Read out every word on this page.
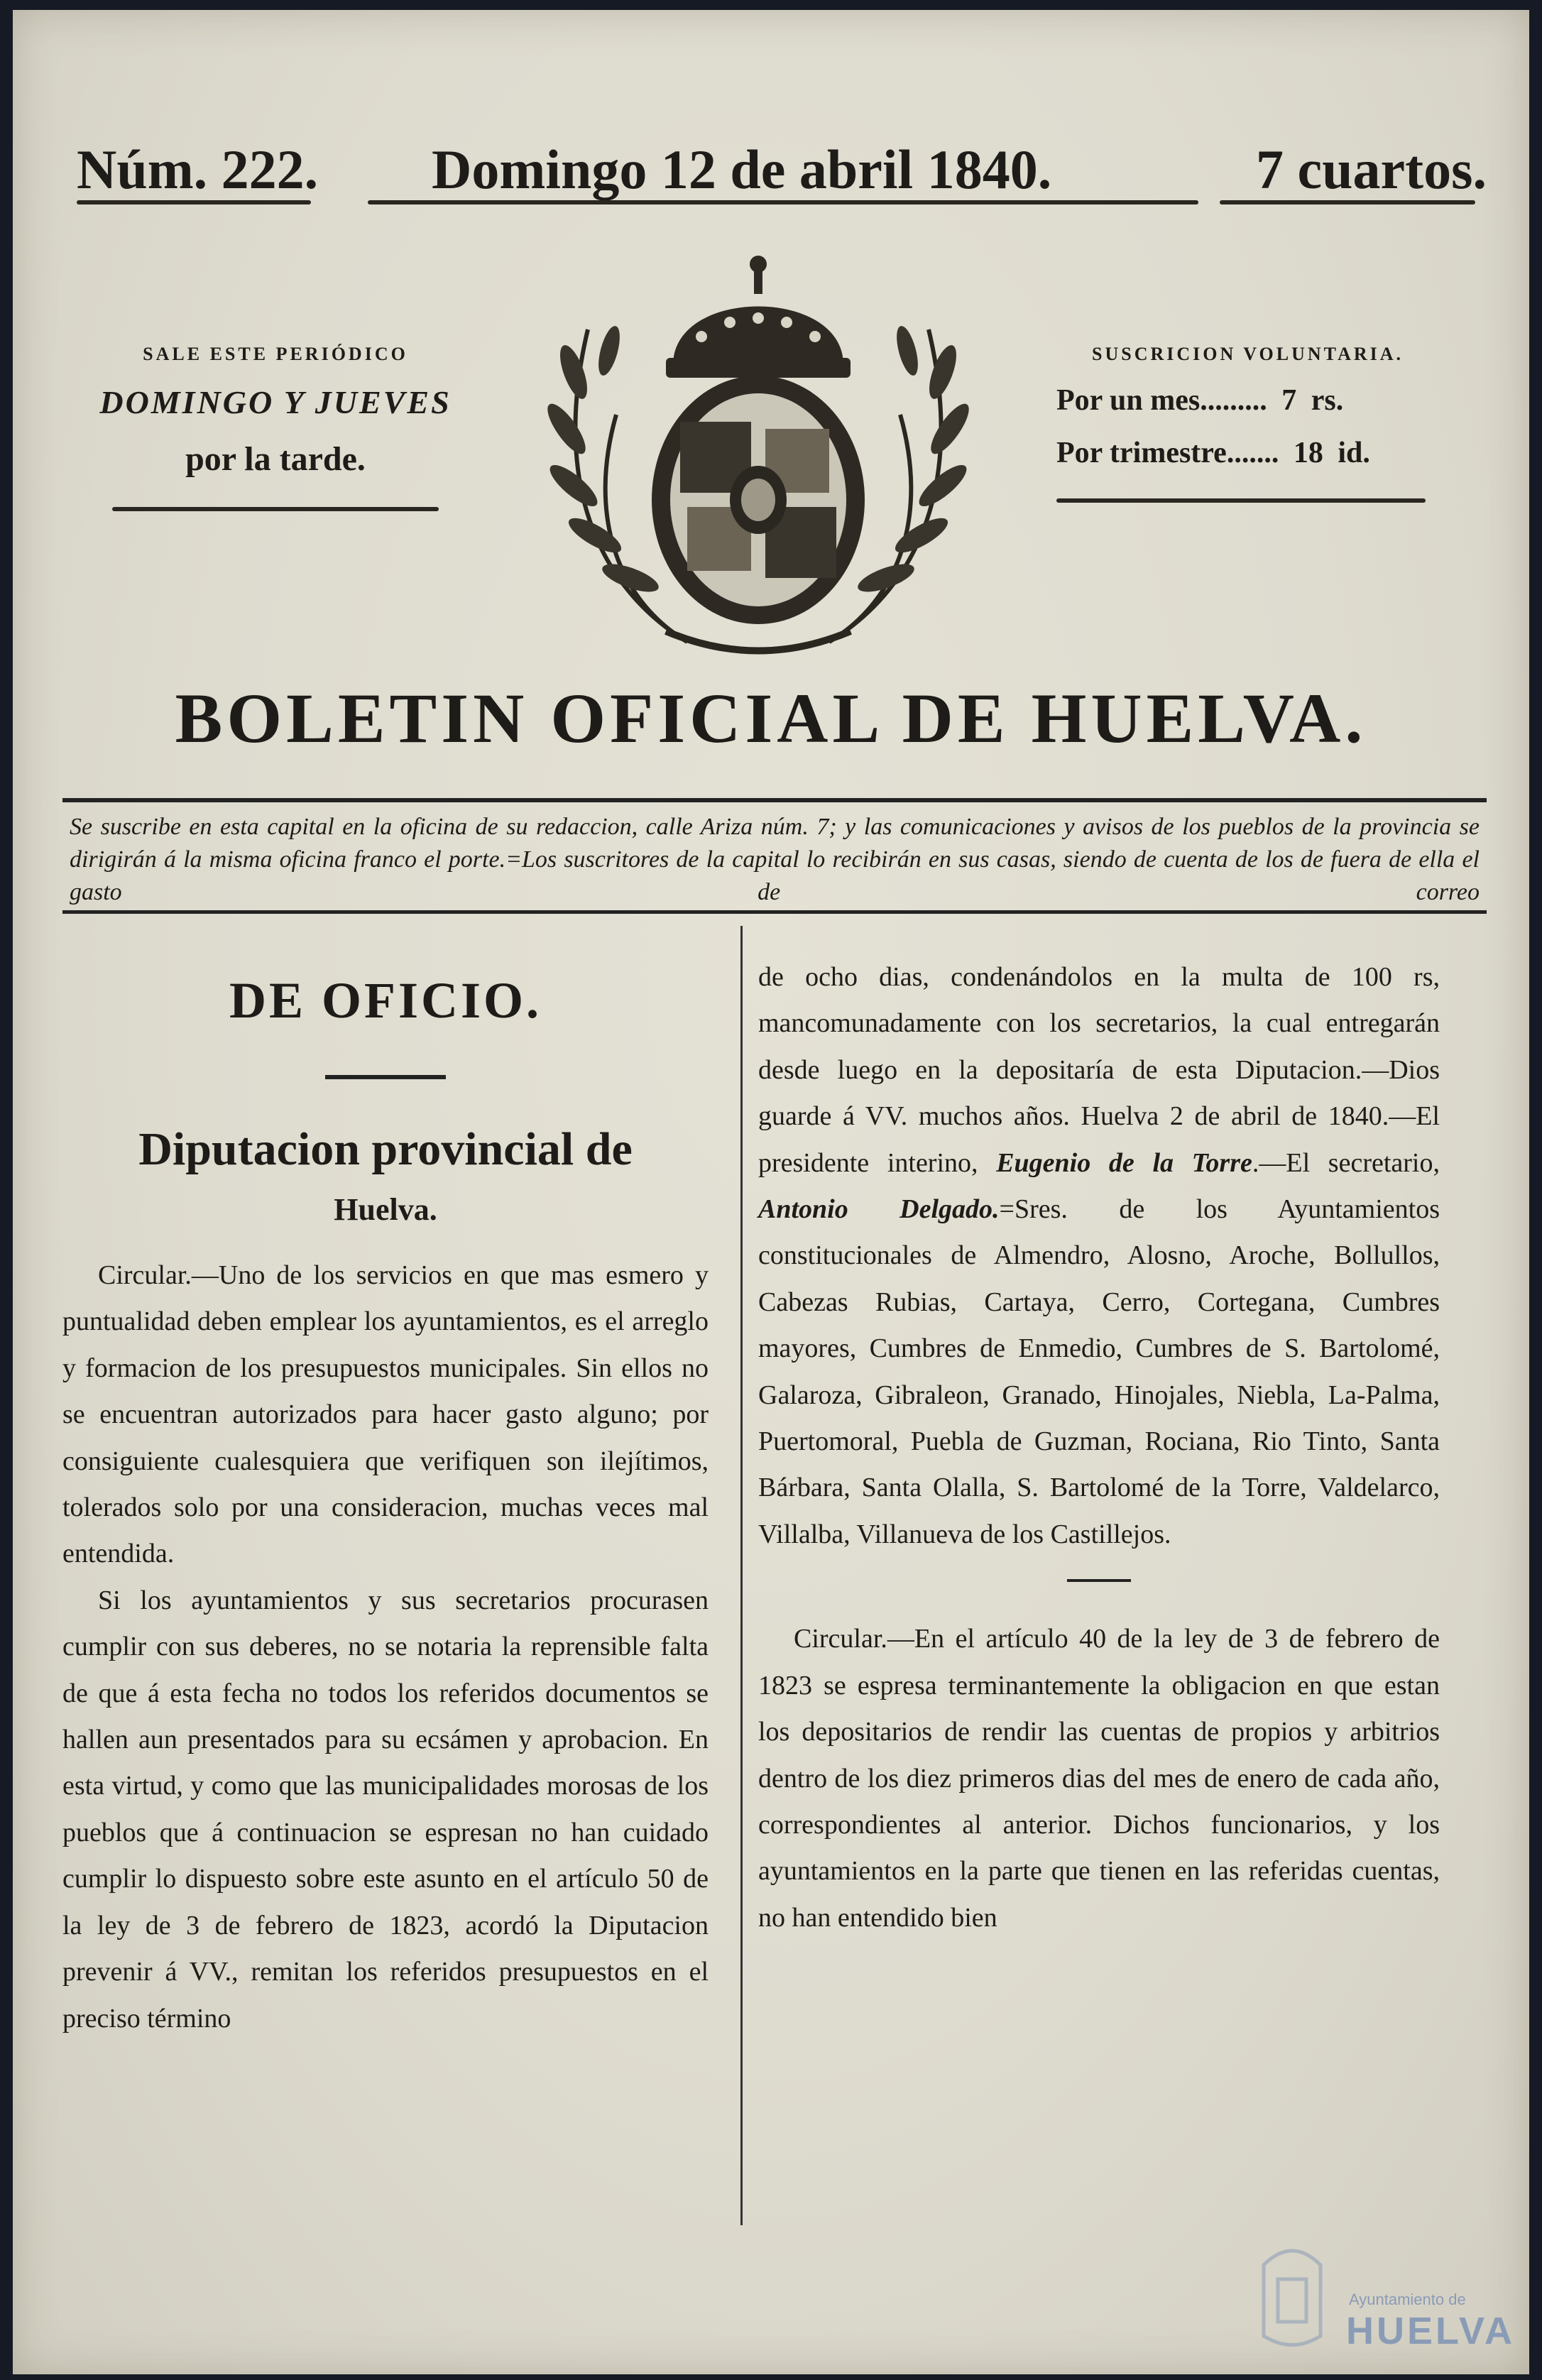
Núm. 222. Domingo 12 de abril 1840.	7 cuartos.
SALE ESTE PERIÓDICO
DOMINGO Y JUEVES
por la tarde.
SUSCRICION VOLUNTARIA.
Por un mes......... 7 rs.
Por trimestre....... 18 id.
BOLETIN OFICIAL DE HUELVA.
Se suscribe en esta capital en la oficina de su redaccion, calle Ariza núm. 7; y las comunicaciones y avisos de los pueblos de la provincia se dirigirán á la misma oficina franco el porte.=Los suscritores de la capital lo recibirán en sus casas, siendo de cuenta de los de fuera de ella el gasto de correo
DE OFICIO.
Diputacion provincial de
Huelva.

Circular.—Uno de los servicios en que mas esmero y puntualidad deben emplear los ayuntamientos, es el arreglo y formacion de los presupuestos municipales. Sin ellos no se encuentran autorizados para hacer gasto alguno; por consiguiente cualesquiera que verifiquen son ilejítimos, tolerados solo por una consideracion, muchas veces mal entendida.

Si los ayuntamientos y sus secretarios procurasen cumplir con sus deberes, no se notaria la reprensible falta de que á esta fecha no todos los referidos documentos se hallen aun presentados para su ecsámen y aprobacion. En esta virtud, y como que las municipalidades morosas de los pueblos que á continuacion se espresan no han cuidado cumplir lo dispuesto sobre este asunto en el artículo 50 de la ley de 3 de febrero de 1823, acordó la Diputacion prevenir á VV., remitan los referidos presupuestos en el preciso término

de ocho dias, condenándolos en la multa de 100 rs, mancomunadamente con los secretarios, la cual entregarán desde luego en la depositaría de esta Diputacion.—Dios guarde á VV. muchos años. Huelva 2 de abril de 1840.—El presidente interino, Eugenio de la Torre.—El secretario, Antonio Delgado.=Sres. de los Ayuntamientos constitucionales de Almendro, Alosno, Aroche, Bollullos, Cabezas Rubias, Cartaya, Cerro, Cortegana, Cumbres mayores, Cumbres de Enmedio, Cumbres de S. Bartolomé, Galaroza, Gibraleon, Granado, Hinojales, Niebla, La-Palma, Puertomoral, Puebla de Guzman, Rociana, Rio Tinto, Santa Bárbara, Santa Olalla, S. Bartolomé de la Torre, Valdelarco, Villalba, Villanueva de los Castillejos.

Circular.—En el artículo 40 de la ley de 3 de febrero de 1823 se espresa terminantemente la obligacion en que estan los depositarios de rendir las cuentas de propios y arbitrios dentro de los diez primeros dias del mes de enero de cada año, correspondientes al anterior. Dichos funcionarios, y los ayuntamientos en la parte que tienen en las referidas cuentas, no han entendido bien

Ayuntamiento de
HUELVA
